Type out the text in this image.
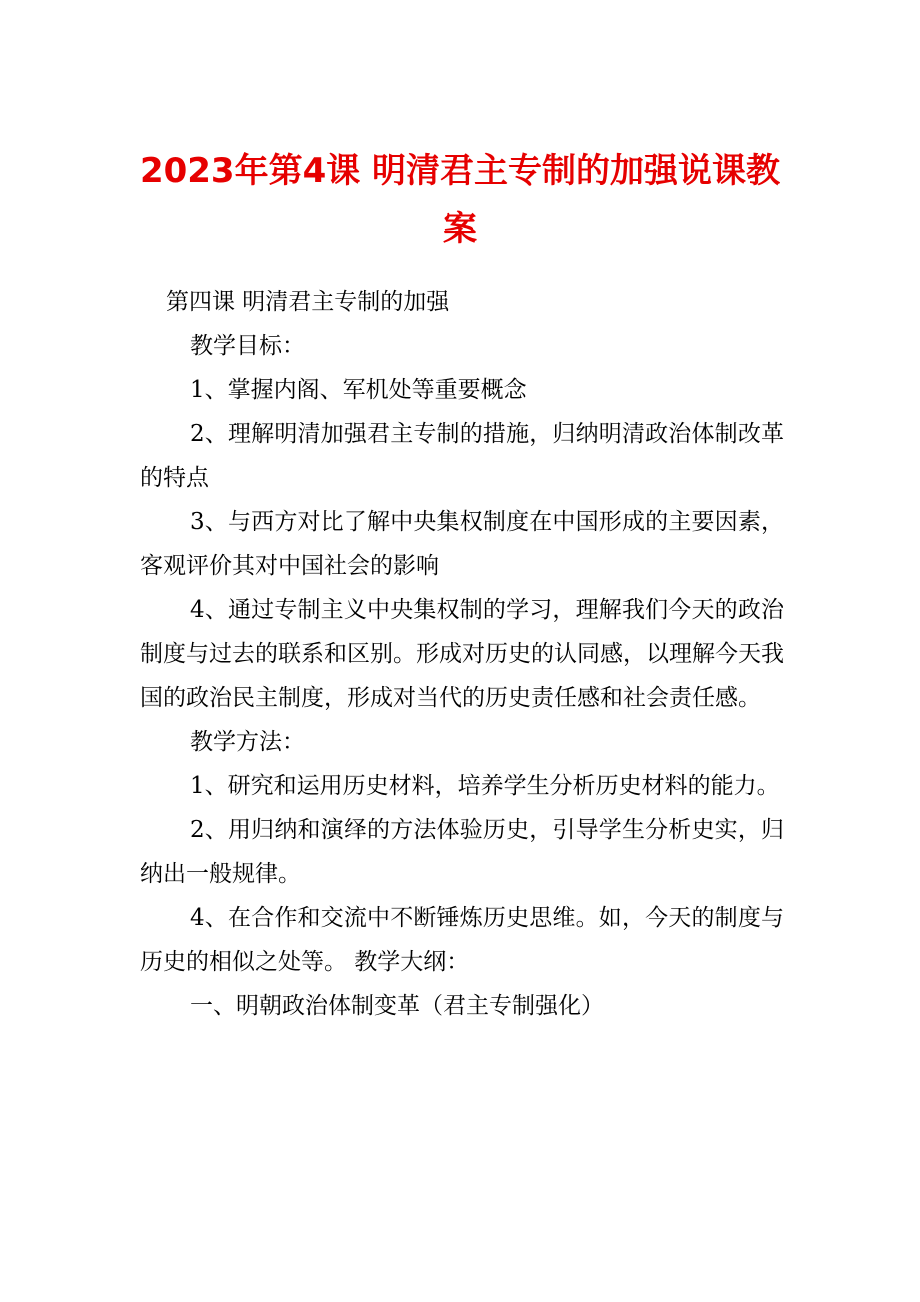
2023年第4课 明清君主专制的加强说课教
案

第四课 明清君主专制的加强

教学目标：

1、掌握内阁、军机处等重要概念

2、理解明清加强君主专制的措施，归纳明清政治体制改革的特点

3、与西方对比了解中央集权制度在中国形成的主要因素，客观评价其对中国社会的影响

4、通过专制主义中央集权制的学习，理解我们今天的政治制度与过去的联系和区别。形成对历史的认同感，以理解今天我国的政治民主制度，形成对当代的历史责任感和社会责任感。

教学方法：

1、研究和运用历史材料，培养学生分析历史材料的能力。

2、用归纳和演绎的方法体验历史，引导学生分析史实，归纳出一般规律。

4、在合作和交流中不断锤炼历史思维。如，今天的制度与历史的相似之处等。 教学大纲：

一、明朝政治体制变革（君主专制强化）
